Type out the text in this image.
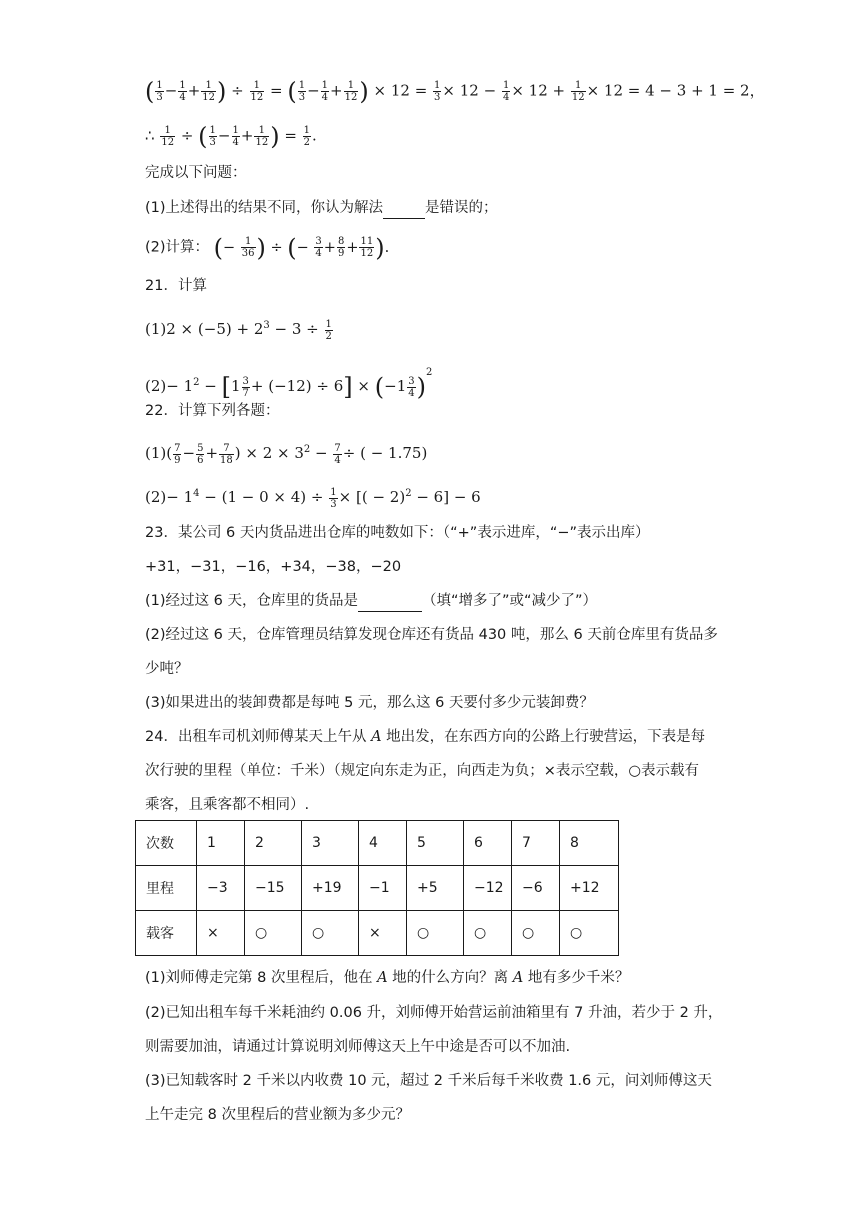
( $\frac{1}{3} - \frac{1}{4} + \frac{1}{12}$ ) ÷ $\frac{1}{12}$ = ( $\frac{1}{3} - \frac{1}{4} + \frac{1}{12}$ ) × $12 = \frac{1}{3} \times 12 - \frac{1}{4} \times 12 + \frac{1}{12} \times 12 = 4 - 3 + 1 = 2$，
∴ $\frac{1}{12}$ ÷ ( $\frac{1}{3} - \frac{1}{4} + \frac{1}{12}$ ) = $\frac{1}{2}$ .
完成以下问题：
(1)上述得出的结果不同，你认为解法	是错误的；
(2)计算： (− $\frac{1}{36}$ ) ÷ (− $\frac{3}{4} + \frac{8}{9} + \frac{11}{12}$ ).
21．计算
$(1)2 \times (-5) + 2^3 - 3 \div \frac{1}{2}$
$(2)- 1^2 - [1 \frac{3}{7} + (-12) \div 6] \times (-1 \frac{3}{4} )^2$
22．计算下列各题：
$(1)( \frac{7}{9} - \frac{5}{6} + \frac{7}{18}$ ) × $2 \times 3^2 - \frac{7}{4}$ ÷ ( − 1.75)
$(2)- 1^4 - (1 - 0 \times 4) \div \frac{1}{3}$ × [( − 2)$^2$ − 6] − 6
23．某公司 6 天内货品进出仓库的吨数如下：（“+”表示进库，“−”表示出库）
+31，−31，−16，+34，−38，−20
(1)经过这 6 天，仓库里的货品是	（填“增多了”或“减少了”）
(2)经过这 6 天，仓库管理员结算发现仓库还有货品 430 吨，那么 6 天前仓库里有货品多
少吨？
(3)如果进出的装卸费都是每吨 5 元，那么这 6 天要付多少元装卸费？
24．出租车司机刘师傅某天上午从 A 地出发，在东西方向的公路上行驶营运，下表是每
次行驶的里程（单位：千米）（规定向东走为正，向西走为负；×表示空载，○表示载有
乘客，且乘客都不相同）.
次数	1	2	3	4	5	6	7	8
里程	−3	−15	+19	−1	+5	−12	−6	+12
载客	×	○	○	×	○	○	○	○
(1)刘师傅走完第 8 次里程后，他在 A 地的什么方向？离 A 地有多少千米？
(2)已知出租车每千米耗油约 0.06 升，刘师傅开始营运前油箱里有 7 升油，若少于 2 升，
则需要加油，请通过计算说明刘师傅这天上午中途是否可以不加油.
(3)已知载客时 2 千米以内收费 10 元，超过 2 千米后每千米收费 1.6 元，问刘师傅这天
上午走完 8 次里程后的营业额为多少元？
